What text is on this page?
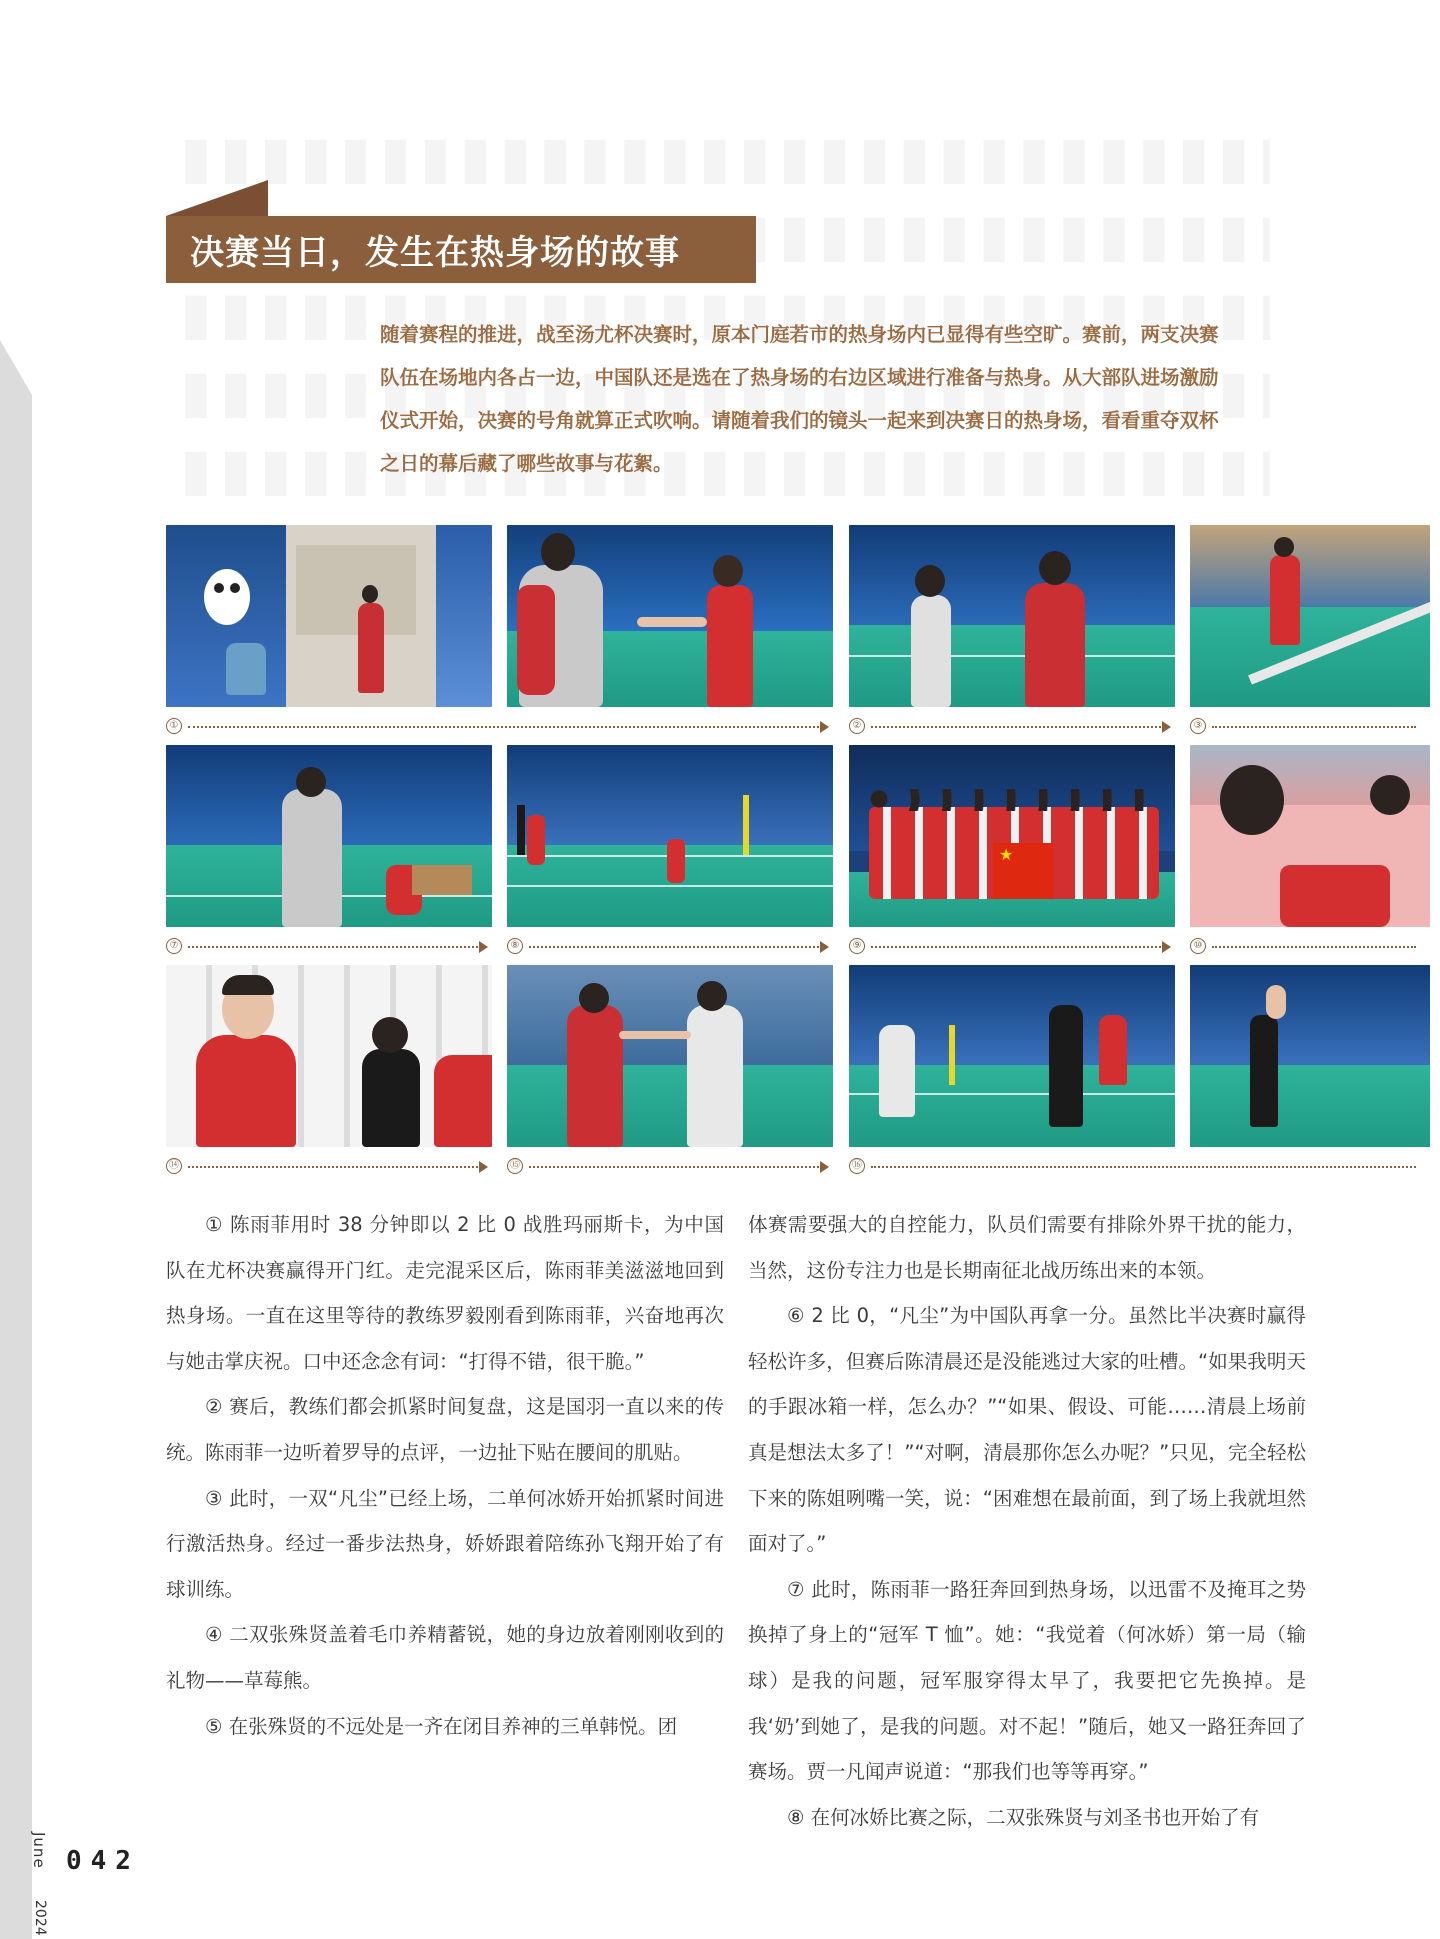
决赛当日，发生在热身场的故事
随着赛程的推进，战至汤尤杯决赛时，原本门庭若市的热身场内已显得有些空旷。赛前，两支决赛队伍在场地内各占一边，中国队还是选在了热身场的右边区域进行准备与热身。从大部队进场激励仪式开始，决赛的号角就算正式吹响。请随着我们的镜头一起来到决赛日的热身场，看看重夺双杯之日的幕后藏了哪些故事与花絮。
①	②	③
★
⑦	⑧	⑨	⑩
⑭	⑮	⑯

① 陈雨菲用时 38 分钟即以 2 比 0 战胜玛丽斯卡，为中国队在尤杯决赛赢得开门红。走完混采区后，陈雨菲美滋滋地回到热身场。一直在这里等待的教练罗毅刚看到陈雨菲，兴奋地再次与她击掌庆祝。口中还念念有词：“打得不错，很干脆。”

② 赛后，教练们都会抓紧时间复盘，这是国羽一直以来的传统。陈雨菲一边听着罗导的点评，一边扯下贴在腰间的肌贴。

③ 此时，一双“凡尘”已经上场，二单何冰娇开始抓紧时间进行激活热身。经过一番步法热身，娇娇跟着陪练孙飞翔开始了有球训练。

④ 二双张殊贤盖着毛巾养精蓄锐，她的身边放着刚刚收到的礼物——草莓熊。

⑤ 在张殊贤的不远处是一齐在闭目养神的三单韩悦。团

体赛需要强大的自控能力，队员们需要有排除外界干扰的能力，当然，这份专注力也是长期南征北战历练出来的本领。

⑥ 2 比 0，“凡尘”为中国队再拿一分。虽然比半决赛时赢得轻松许多，但赛后陈清晨还是没能逃过大家的吐槽。“如果我明天的手跟冰箱一样，怎么办？”“如果、假设、可能……清晨上场前真是想法太多了！”“对啊，清晨那你怎么办呢？”只见，完全轻松下来的陈姐咧嘴一笑，说：“困难想在最前面，到了场上我就坦然面对了。”

⑦ 此时，陈雨菲一路狂奔回到热身场，以迅雷不及掩耳之势换掉了身上的“冠军 T 恤”。她：“我觉着（何冰娇）第一局（输球）是我的问题，冠军服穿得太早了，我要把它先换掉。是我‘奶’到她了，是我的问题。对不起！”随后，她又一路狂奔回了赛场。贾一凡闻声说道：“那我们也等等再穿。”

⑧ 在何冰娇比赛之际，二双张殊贤与刘圣书也开始了有

June 042
2024
